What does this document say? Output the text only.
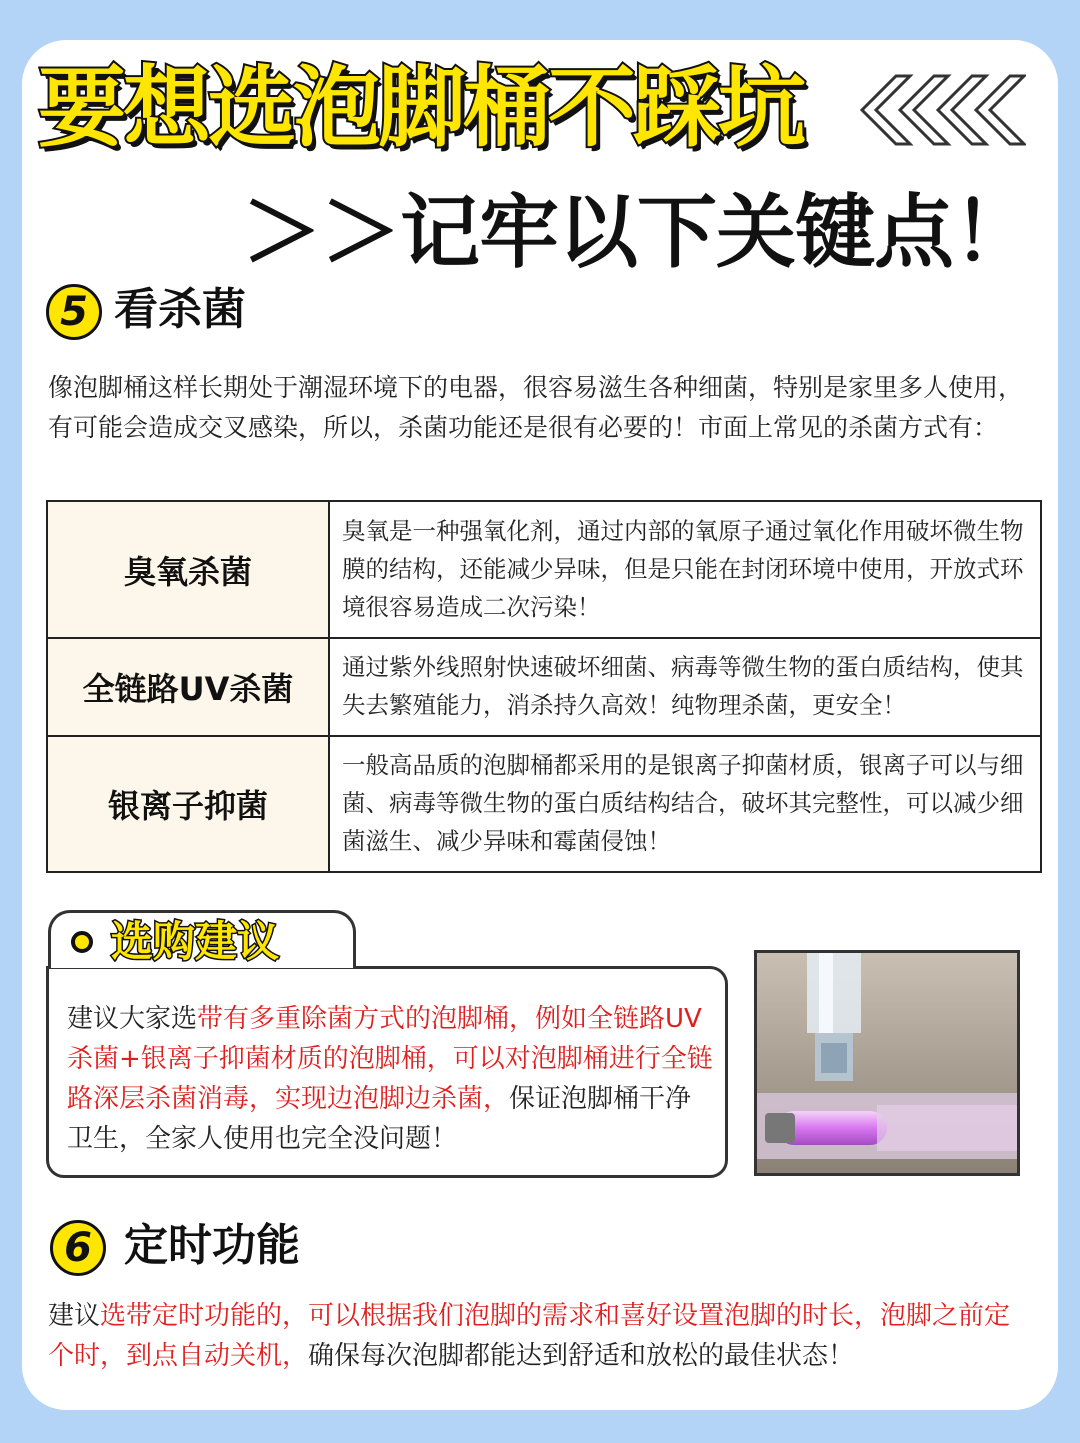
要想选泡脚桶不踩坑
＞＞记牢以下关键点！
5 看杀菌
像泡脚桶这样长期处于潮湿环境下的电器，很容易滋生各种细菌，特别是家里多人使用，有可能会造成交叉感染，所以，杀菌功能还是很有必要的！市面上常见的杀菌方式有：
臭氧杀菌	臭氧是一种强氧化剂，通过内部的氧原子通过氧化作用破坏微生物膜的结构，还能减少异味，但是只能在封闭环境中使用，开放式环境很容易造成二次污染！
全链路UV杀菌	通过紫外线照射快速破坏细菌、病毒等微生物的蛋白质结构，使其失去繁殖能力，消杀持久高效！纯物理杀菌，更安全！
银离子抑菌	一般高品质的泡脚桶都采用的是银离子抑菌材质，银离子可以与细菌、病毒等微生物的蛋白质结构结合，破坏其完整性，可以减少细菌滋生、减少异味和霉菌侵蚀！
建议大家选带有多重除菌方式的泡脚桶，例如全链路UV杀菌+银离子抑菌材质的泡脚桶，可以对泡脚桶进行全链路深层杀菌消毒，实现边泡脚边杀菌，保证泡脚桶干净卫生，全家人使用也完全没问题！
选购建议
6 定时功能
建议选带定时功能的，可以根据我们泡脚的需求和喜好设置泡脚的时长，泡脚之前定个时，到点自动关机，确保每次泡脚都能达到舒适和放松的最佳状态！
